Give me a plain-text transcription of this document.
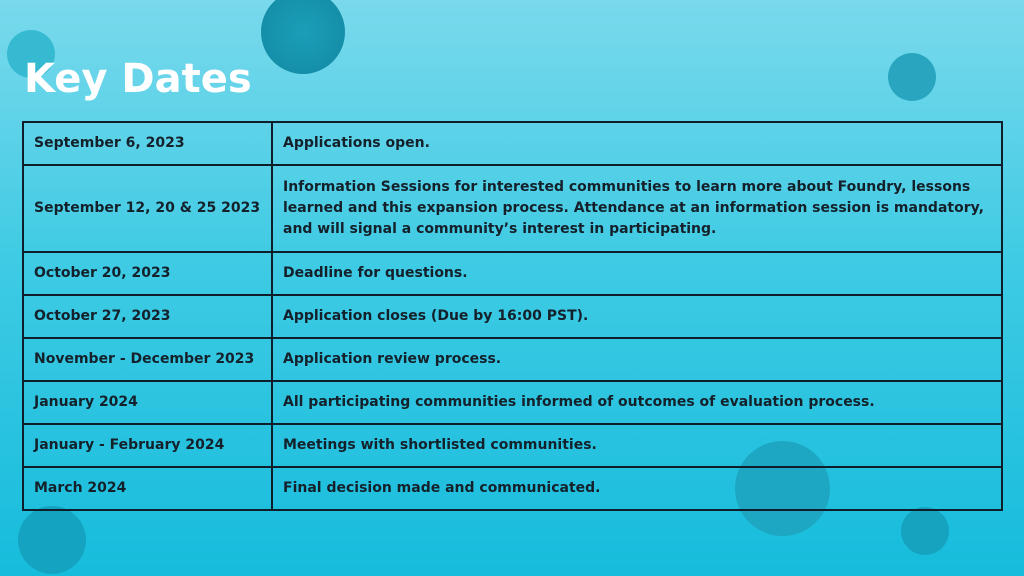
Key Dates
September 6, 2023	Applications open.
September 12, 20 & 25 2023	Information Sessions for interested communities to learn more about Foundry, lessons learned and this expansion process. Attendance at an information session is mandatory, and will signal a community’s interest in participating.
October 20, 2023	Deadline for questions.
October 27, 2023	Application closes (Due by 16:00 PST).
November - December 2023	Application review process.
January 2024	All participating communities informed of outcomes of evaluation process.
January - February 2024	Meetings with shortlisted communities.
March 2024	Final decision made and communicated.
